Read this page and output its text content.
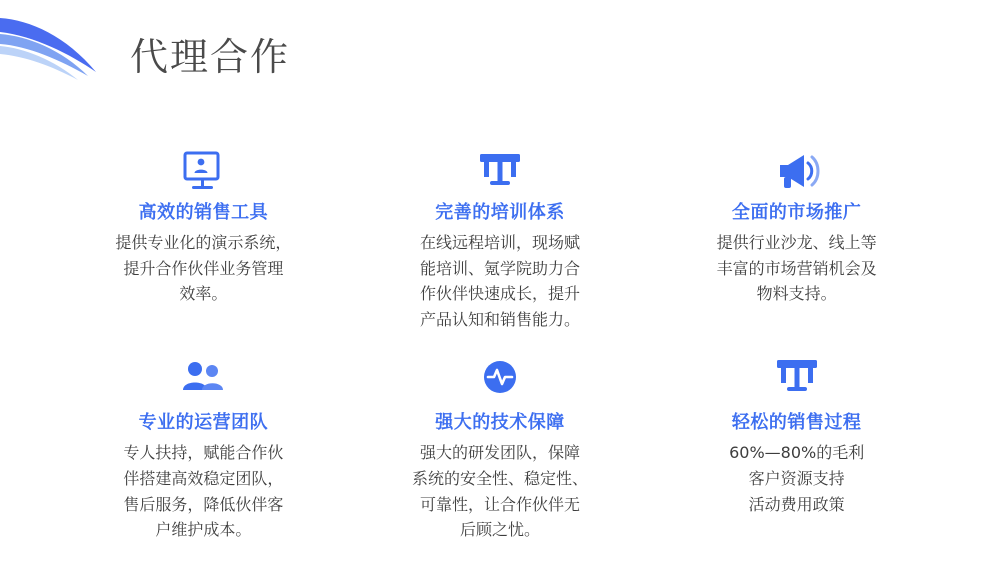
代理合作
高效的销售工具
提供专业化的演示系统，
提升合作伙伴业务管理
效率。
完善的培训体系
在线远程培训，现场赋
能培训、氪学院助力合
作伙伴快速成长，提升
产品认知和销售能力。
全面的市场推广
提供行业沙龙、线上等
丰富的市场营销机会及
物料支持。
专业的运营团队
专人扶持，赋能合作伙
伴搭建高效稳定团队，
售后服务，降低伙伴客
户维护成本。
强大的技术保障
强大的研发团队，保障
系统的安全性、稳定性、
可靠性，让合作伙伴无
后顾之忧。
轻松的销售过程
60%—80%的毛利
客户资源支持
活动费用政策
